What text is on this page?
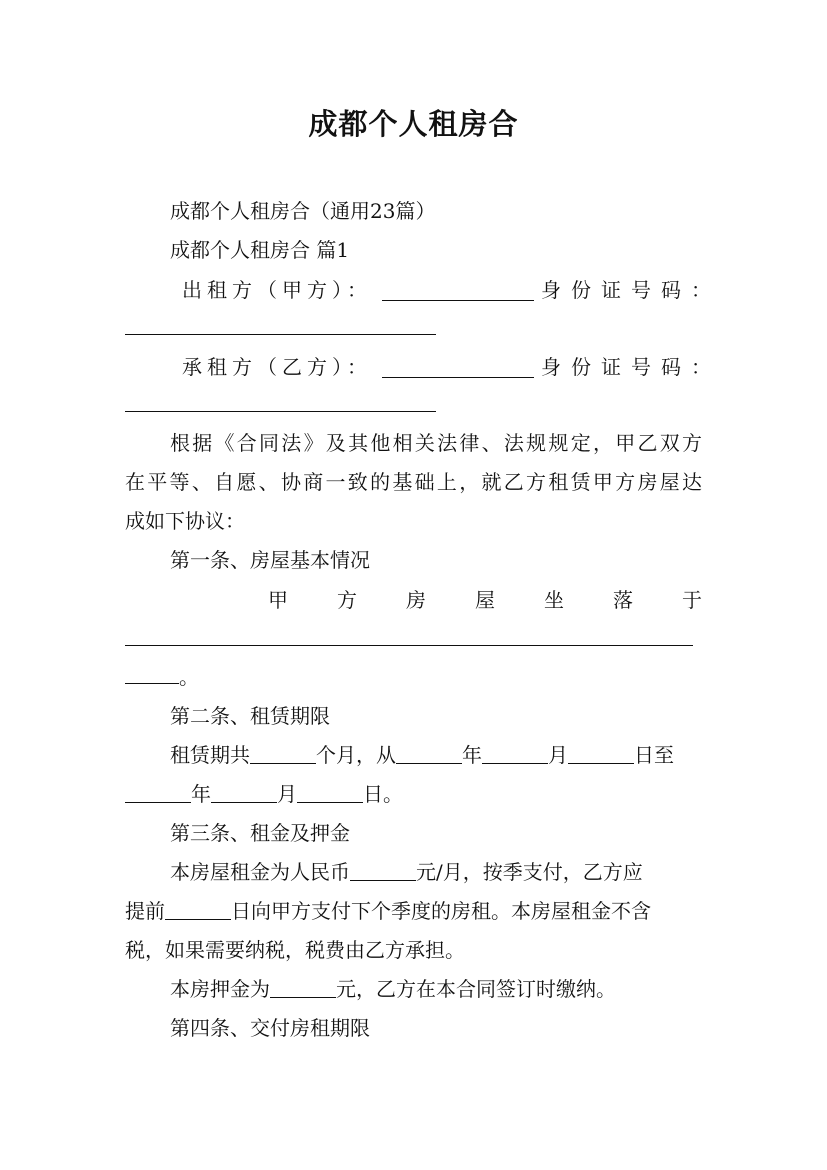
成都个人租房合
成都个人租房合（通用23篇）
成都个人租房合 篇1
出租方（甲方）：	身份证号码：
承租方（乙方）：	身份证号码：
根据《合同法》及其他相关法律、法规规定，甲乙双方
在平等、自愿、协商一致的基础上，就乙方租赁甲方房屋达
成如下协议：
第一条、房屋基本情况
甲方房屋坐落于
。
第二条、租赁期限
租赁期共	个月，从	年	月	日至
年	月	日。
第三条、租金及押金
本房屋租金为人民币	元/月，按季支付，乙方应
提前	日向甲方支付下个季度的房租。本房屋租金不含
税，如果需要纳税，税费由乙方承担。
本房押金为	元，乙方在本合同签订时缴纳。
第四条、交付房租期限
